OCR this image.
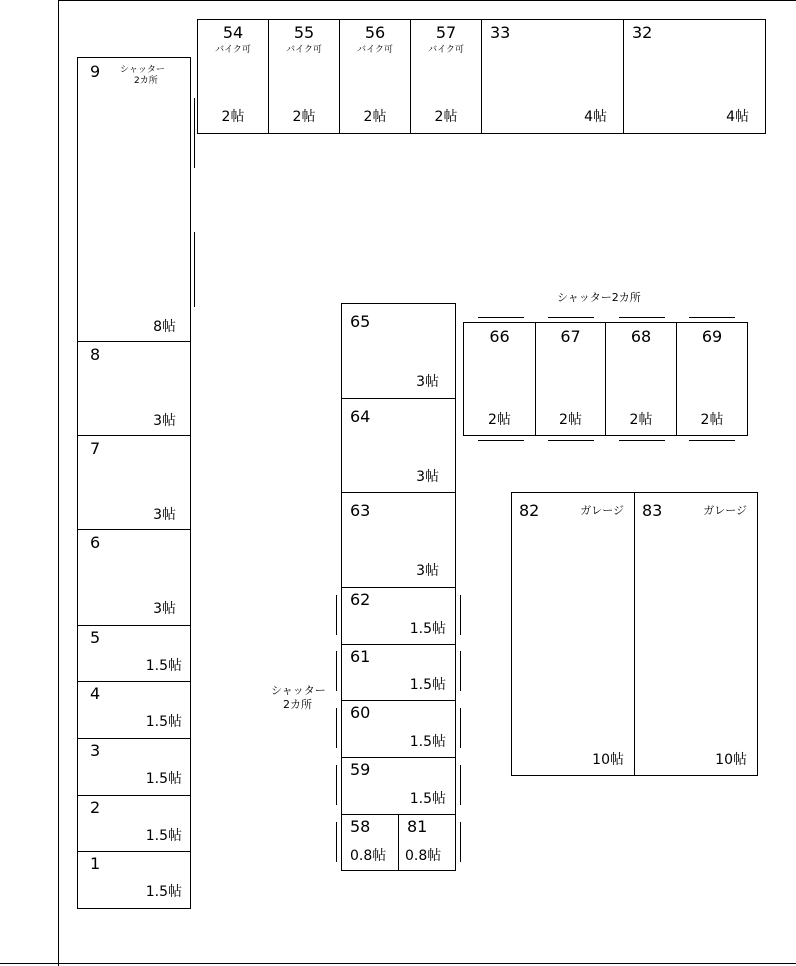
54
バイク可
2帖
55
バイク可
2帖
56
バイク可
2帖
57
バイク可
2帖
33
4帖
32
4帖
9 シャッター
2カ所
8帖
8
3帖
7
3帖
6
3帖
5
1.5帖
4
1.5帖
3
1.5帖
2
1.5帖
1
1.5帖
65
3帖
64
3帖
63
3帖
62
1.5帖
61
1.5帖
60
1.5帖
59
1.5帖
58
0.8帖
81
0.8帖
シャッター
2カ所
シャッター2カ所
66
2帖
67
2帖
68
2帖
69
2帖
82	ガレージ
10帖
83	ガレージ
10帖
